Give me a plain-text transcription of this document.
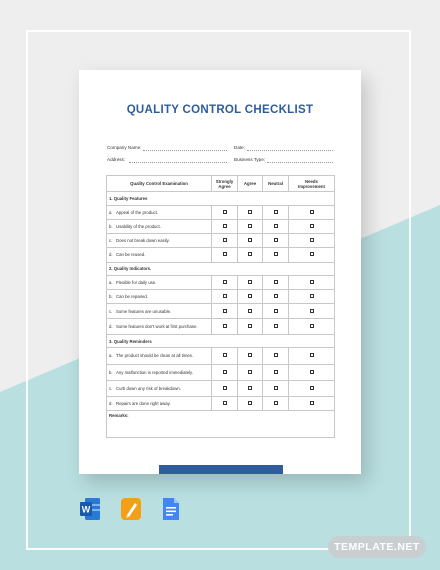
QUALITY CONTROL CHECKLIST
Company Name:	Date:
Address:	Business Type:
Quality Control Examination	Strongly Agree	Agree	Neutral	Needs Improvement
1. Quality Features				
a. Appeal of the product.				
b. Usability of the product.				
c. Does not break down easily.				
d. Can be reused.				
2. Quality Indicators.				
a. Flexible for daily use.				
b. Can be repaired.				
c. Some features are unusable.				
d. Some features don't work at first purchase.				
3. Quality Reminders				
a. The product should be clean at all times.				
b. Any malfunction is reported immediately.				
c. Curb down any risk of breakdown.				
d. Repairs are done right away.				
Remarks:				
W
TEMPLATE.NET
